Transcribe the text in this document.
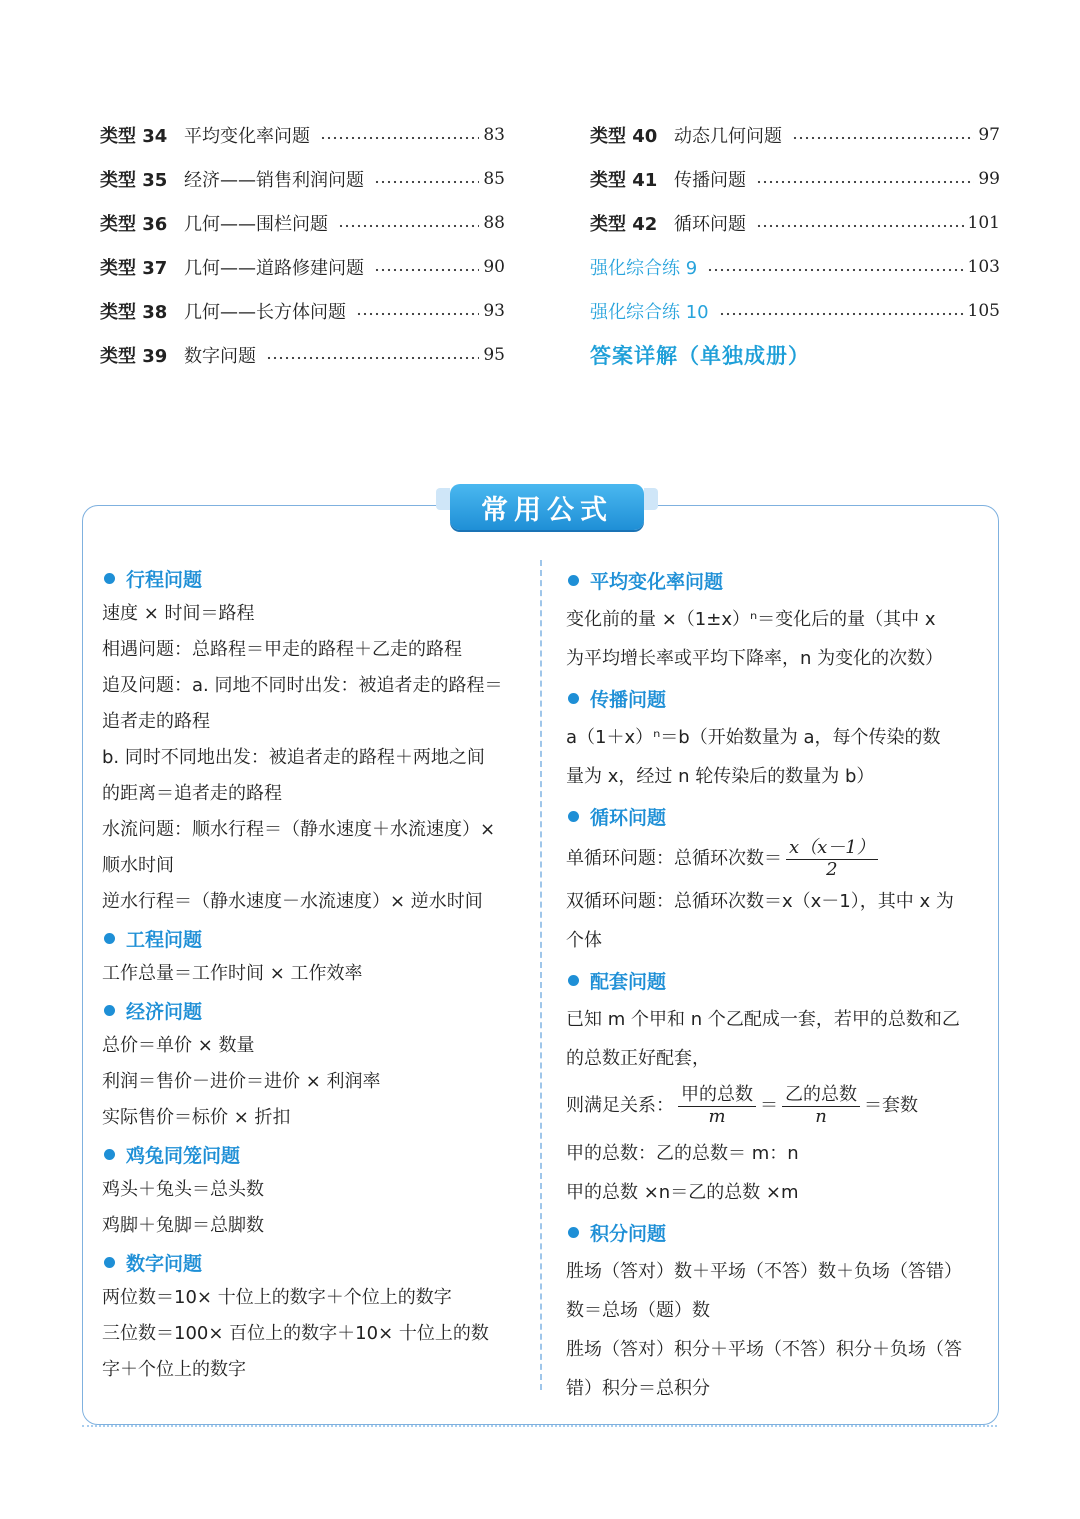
类型 34 平均变化率问题	83
类型 35 经济——销售利润问题	85
类型 36 几何——围栏问题	88
类型 37 几何——道路修建问题	90
类型 38 几何——长方体问题	93
类型 39 数字问题	95
类型 40 动态几何问题	97
类型 41 传播问题	99
类型 42 循环问题	101
强化综合练 9	103
强化综合练 10	105
答案详解（单独成册）
常用公式
行程问题
速度 × 时间＝路程
相遇问题：总路程＝甲走的路程＋乙走的路程
追及问题：a. 同地不同时出发：被追者走的路程＝
追者走的路程
b. 同时不同地出发：被追者走的路程＋两地之间
的距离＝追者走的路程
水流问题：顺水行程＝（静水速度＋水流速度）×
顺水时间
逆水行程＝（静水速度－水流速度）× 逆水时间
工程问题
工作总量＝工作时间 × 工作效率
经济问题
总价＝单价 × 数量
利润＝售价－进价＝进价 × 利润率
实际售价＝标价 × 折扣
鸡兔同笼问题
鸡头＋兔头＝总头数
鸡脚＋兔脚＝总脚数
数字问题
两位数＝10× 十位上的数字＋个位上的数字
三位数＝100× 百位上的数字＋10× 十位上的数
字＋个位上的数字
平均变化率问题
变化前的量 ×（1±x）ⁿ＝变化后的量（其中 x
为平均增长率或平均下降率，n 为变化的次数）
传播问题
a（1＋x）ⁿ＝b（开始数量为 a，每个传染的数
量为 x，经过 n 轮传染后的数量为 b）
循环问题
单循环问题：总循环次数＝ $\frac{x(x-1)}{2}$
双循环问题：总循环次数＝x（x－1），其中 x 为
个体
配套问题
已知 m 个甲和 n 个乙配成一套，若甲的总数和乙
的总数正好配套，
则满足关系： $\frac{\text{甲的总数}}{m} = \frac{\text{乙的总数}}{n}$ ＝套数
甲的总数：乙的总数＝ m：n
甲的总数 ×n＝乙的总数 ×m
积分问题
胜场（答对）数＋平场（不答）数＋负场（答错）
数＝总场（题）数
胜场（答对）积分＋平场（不答）积分＋负场（答
错）积分＝总积分
